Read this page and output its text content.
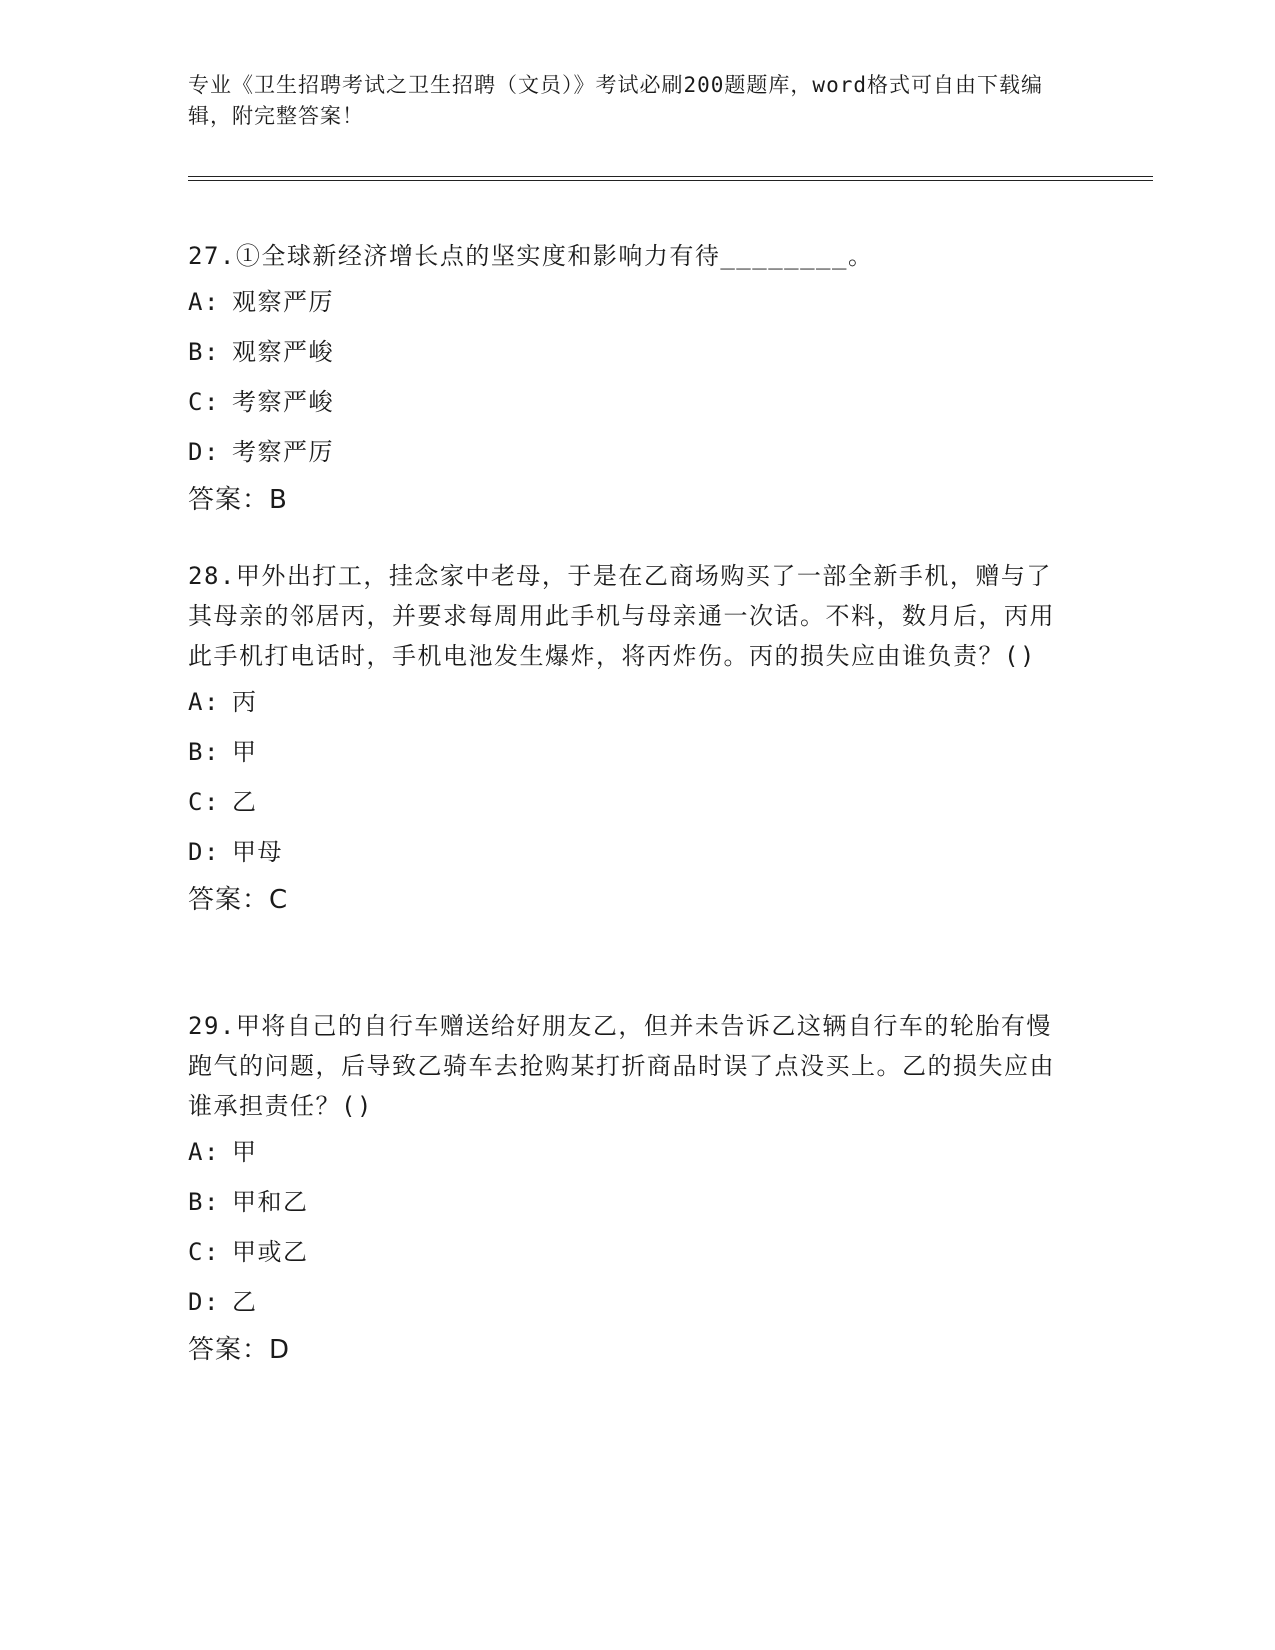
专业《卫生招聘考试之卫生招聘（文员）》考试必刷200题题库，word格式可自由下载编辑，附完整答案！

27.①全球新经济增长点的坚实度和影响力有待________。

A: 观察严厉
B: 观察严峻
C: 考察严峻
D: 考察严厉
答案：B

28.甲外出打工，挂念家中老母，于是在乙商场购买了一部全新手机，赠与了其母亲的邻居丙，并要求每周用此手机与母亲通一次话。不料，数月后，丙用此手机打电话时，手机电池发生爆炸，将丙炸伤。丙的损失应由谁负责？()

A: 丙
B: 甲
C: 乙
D: 甲母
答案：C

29.甲将自己的自行车赠送给好朋友乙，但并未告诉乙这辆自行车的轮胎有慢跑气的问题，后导致乙骑车去抢购某打折商品时误了点没买上。乙的损失应由谁承担责任？()

A: 甲
B: 甲和乙
C: 甲或乙
D: 乙
答案：D
